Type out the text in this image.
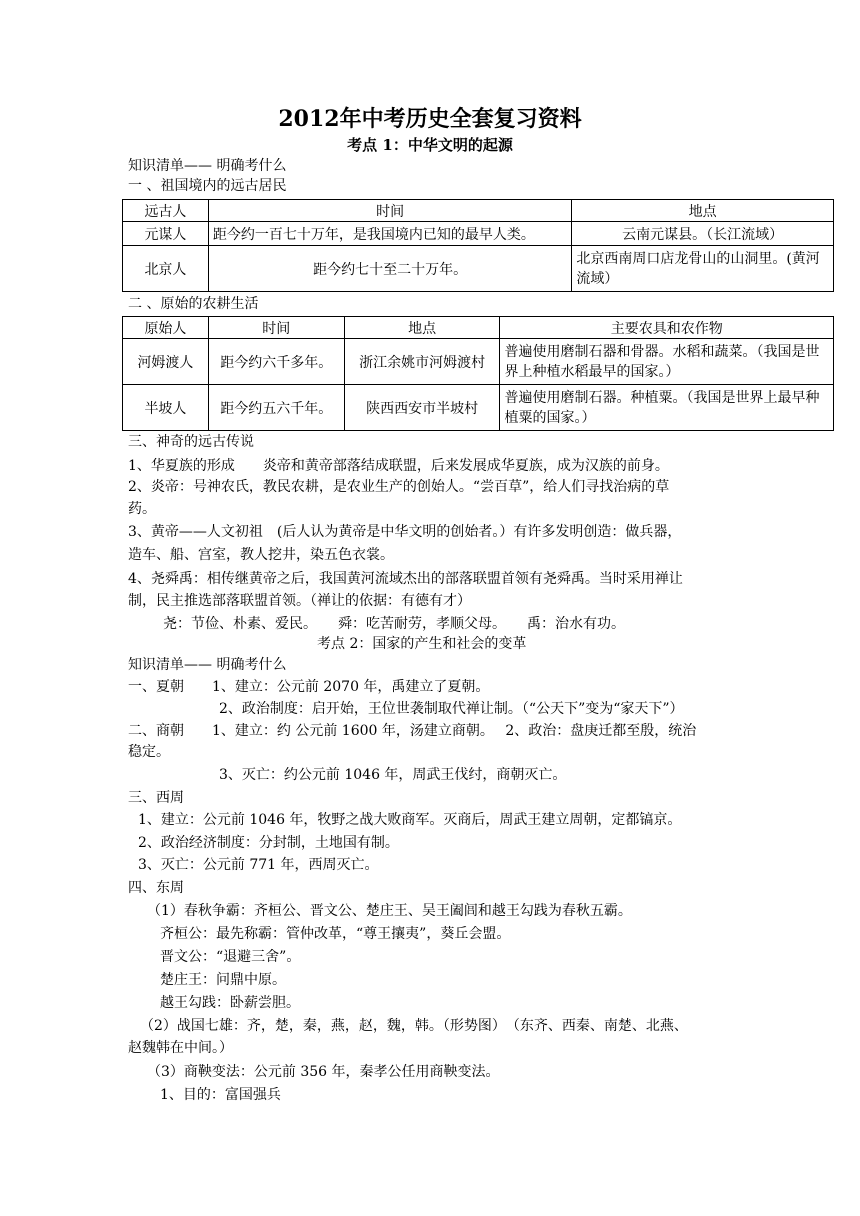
2012年中考历史全套复习资料
考点 1：中华文明的起源
知识清单—— 明确考什么
一 、祖国境内的远古居民
远古人	时间	地点
元谋人	距今约一百七十万年，是我国境内已知的最早人类。	云南元谋县。（长江流域）
北京人	距今约七十至二十万年。	北京西南周口店龙骨山的山洞里。(黄河流域）
二 、原始的农耕生活
原始人	时间	地点	主要农具和农作物
河姆渡人	距今约六千多年。	浙江余姚市河姆渡村	普遍使用磨制石器和骨器。水稻和蔬菜。（我国是世界上种植水稻最早的国家。）
半坡人	距今约五六千年。	陕西西安市半坡村	普遍使用磨制石器。种植粟。（我国是世界上最早种植粟的国家。）
三、神奇的远古传说
1、华夏族的形成　　炎帝和黄帝部落结成联盟，后来发展成华夏族，成为汉族的前身。
2、炎帝：号神农氏，教民农耕，是农业生产的创始人。“尝百草”，给人们寻找治病的草
药。
3、黄帝——人文初祖　(后人认为黄帝是中华文明的创始者。）有许多发明创造：做兵器，
造车、船、宫室，教人挖井，染五色衣裳。
4、尧舜禹：相传继黄帝之后，我国黄河流域杰出的部落联盟首领有尧舜禹。当时采用禅让
制，民主推选部落联盟首领。（禅让的依据：有德有才）
尧：节俭、朴素、爱民。　　舜：吃苦耐劳，孝顺父母。　　禹：治水有功。
考点 2：国家的产生和社会的变革
知识清单—— 明确考什么
一、夏朝　　1、建立：公元前 2070 年，禹建立了夏朝。
2、政治制度：启开始，王位世袭制取代禅让制。（“公天下”变为“家天下”）
二、商朝　　1、建立：约 公元前 1600 年，汤建立商朝。　 2、政治：盘庚迁都至殷，统治
稳定。
3、灭亡：约公元前 1046 年，周武王伐纣，商朝灭亡。
三、西周
1、建立：公元前 1046 年，牧野之战大败商军。灭商后，周武王建立周朝，定都镐京。
2、政治经济制度：分封制，土地国有制。
3、灭亡：公元前 771 年，西周灭亡。
四、东周
（1）春秋争霸：齐桓公、晋文公、楚庄王、吴王阖闾和越王勾践为春秋五霸。
齐桓公：最先称霸：管仲改革，“尊王攘夷”，葵丘会盟。
晋文公：“退避三舍”。
楚庄王：问鼎中原。
越王勾践：卧薪尝胆。
（2）战国七雄：齐，楚，秦，燕，赵，魏，韩。（形势图）　（东齐、西秦、南楚、北燕、
赵魏韩在中间。）
（3）商鞅变法：公元前 356 年，秦孝公任用商鞅变法。
1、目的：富国强兵
